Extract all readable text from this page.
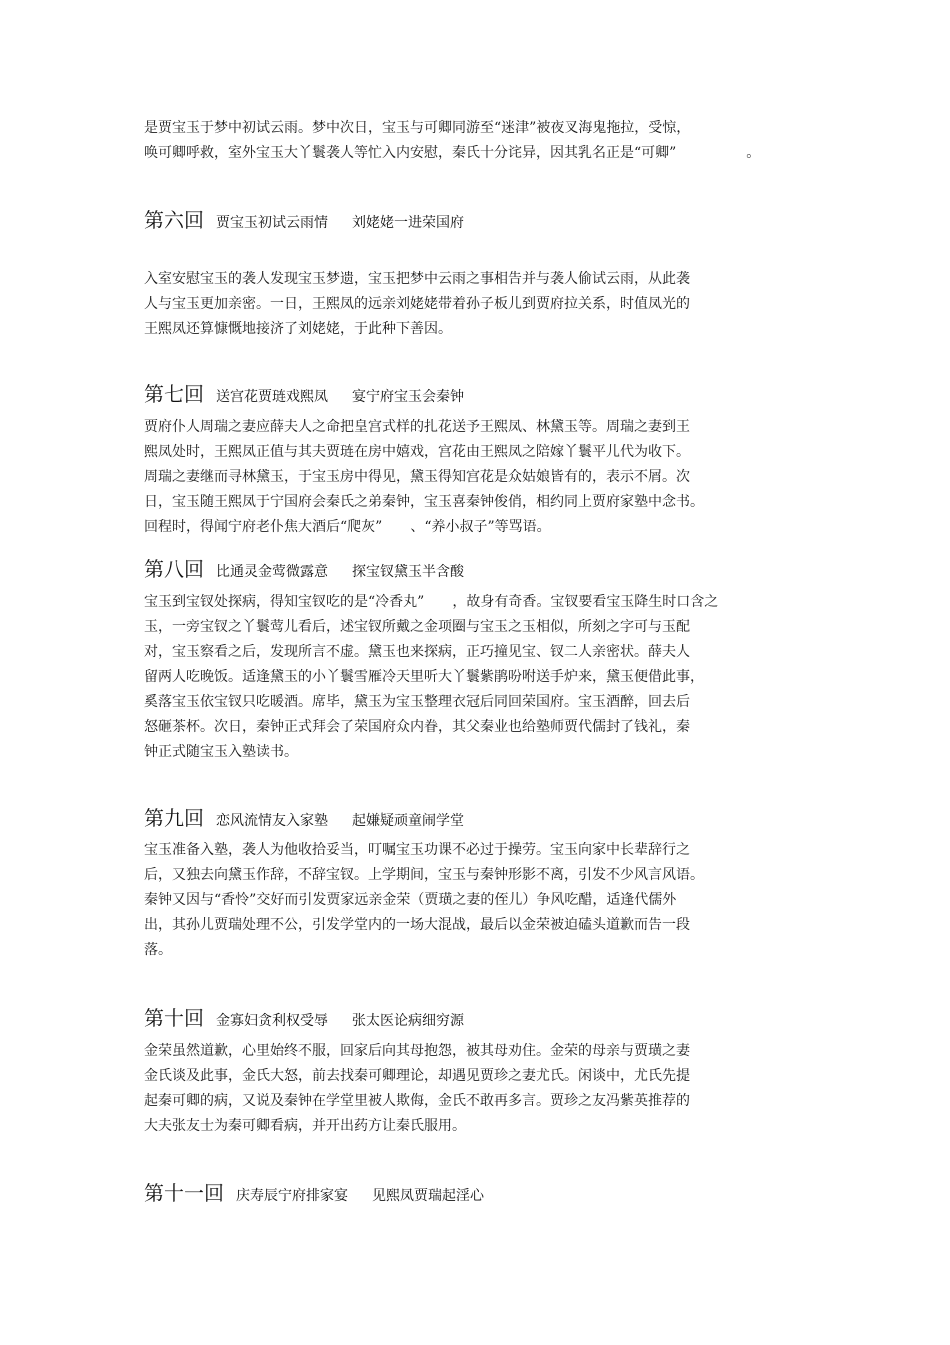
是贾宝玉于梦中初试云雨。梦中次日，宝玉与可卿同游至“迷津”被夜叉海鬼拖拉，受惊，
唤可卿呼救，室外宝玉大丫鬟袭人等忙入内安慰，秦氏十分诧异，因其乳名正是“可卿”　　　　　。
第六回 贾宝玉初试云雨情 刘姥姥一进荣国府
入室安慰宝玉的袭人发现宝玉梦遗，宝玉把梦中云雨之事相告并与袭人偷试云雨，从此袭
人与宝玉更加亲密。一日，王熙凤的远亲刘姥姥带着孙子板儿到贾府拉关系，时值凤光的
王熙凤还算慷慨地接济了刘姥姥，于此种下善因。
第七回 送宫花贾琏戏熙凤 宴宁府宝玉会秦钟
贾府仆人周瑞之妻应薛夫人之命把皇宫式样的扎花送予王熙凤、林黛玉等。周瑞之妻到王
熙凤处时，王熙凤正值与其夫贾琏在房中嬉戏，宫花由王熙凤之陪嫁丫鬟平儿代为收下。
周瑞之妻继而寻林黛玉，于宝玉房中得见，黛玉得知宫花是众姑娘皆有的，表示不屑。次
日，宝玉随王熙凤于宁国府会秦氏之弟秦钟，宝玉喜秦钟俊俏，相约同上贾府家塾中念书。
回程时，得闻宁府老仆焦大酒后“爬灰”　　、“养小叔子”等骂语。
第八回 比通灵金莺微露意 探宝钗黛玉半含酸
宝玉到宝钗处探病，得知宝钗吃的是“冷香丸”　　，故身有奇香。宝钗要看宝玉降生时口含之
玉，一旁宝钗之丫鬟莺儿看后，述宝钗所戴之金项圈与宝玉之玉相似，所刻之字可与玉配
对，宝玉察看之后，发现所言不虚。黛玉也来探病，正巧撞见宝、钗二人亲密状。薛夫人
留两人吃晚饭。适逢黛玉的小丫鬟雪雁冷天里听大丫鬟紫鹃吩咐送手炉来，黛玉便借此事，
奚落宝玉依宝钗只吃暖酒。席毕，黛玉为宝玉整理衣冠后同回荣国府。宝玉酒醉，回去后
怒砸茶杯。次日，秦钟正式拜会了荣国府众内眷，其父秦业也给塾师贾代儒封了钱礼，秦
钟正式随宝玉入塾读书。
第九回 恋风流情友入家塾 起嫌疑顽童闹学堂
宝玉准备入塾，袭人为他收拾妥当，叮嘱宝玉功课不必过于操劳。宝玉向家中长辈辞行之
后，又独去向黛玉作辞，不辞宝钗。上学期间，宝玉与秦钟形影不离，引发不少风言风语。
秦钟又因与“香怜”交好而引发贾家远亲金荣（贾璜之妻的侄儿）争风吃醋，适逢代儒外
出，其孙儿贾瑞处理不公，引发学堂内的一场大混战，最后以金荣被迫磕头道歉而告一段
落。
第十回 金寡妇贪利权受辱 张太医论病细穷源
金荣虽然道歉，心里始终不服，回家后向其母抱怨，被其母劝住。金荣的母亲与贾璜之妻
金氏谈及此事，金氏大怒，前去找秦可卿理论，却遇见贾珍之妻尤氏。闲谈中，尤氏先提
起秦可卿的病，又说及秦钟在学堂里被人欺侮，金氏不敢再多言。贾珍之友冯紫英推荐的
大夫张友士为秦可卿看病，并开出药方让秦氏服用。
第十一回 庆寿辰宁府排家宴 见熙凤贾瑞起淫心
